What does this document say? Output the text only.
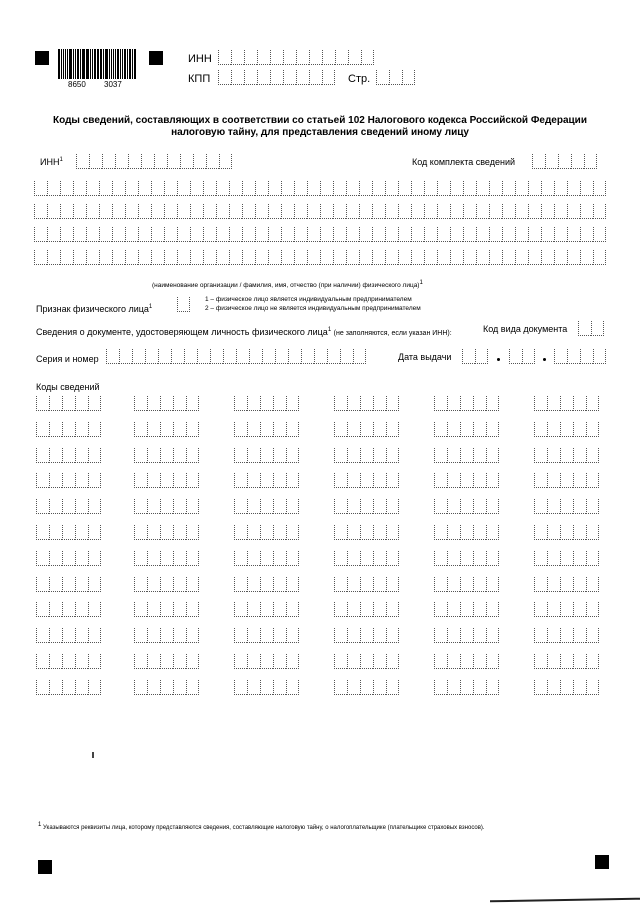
8650 3037
ИНН
КПП	Стр.
Коды сведений, составляющих в соответствии со статьей 102 Налогового кодекса Российской Федерации
налоговую тайну, для представления сведений иному лицу
ИНН$^1$	Код комплекта сведений
(наименование организации / фамилия, имя, отчество (при наличии) физического лица)$^1$
Признак физического лица$^1$
1 – физическое лицо является индивидуальным предпринимателем
2 – физическое лицо не является индивидуальным предпринимателем
Сведения о документе, удостоверяющем личность физического лица$^1$ (не заполняются, если указан ИНН):	Код вида документа
Серия и номер	Дата выдачи
Коды сведений
$^1$ Указываются реквизиты лица, которому представляются сведения, составляющие налоговую тайну, о налогоплательщике (плательщике страховых взносов).
